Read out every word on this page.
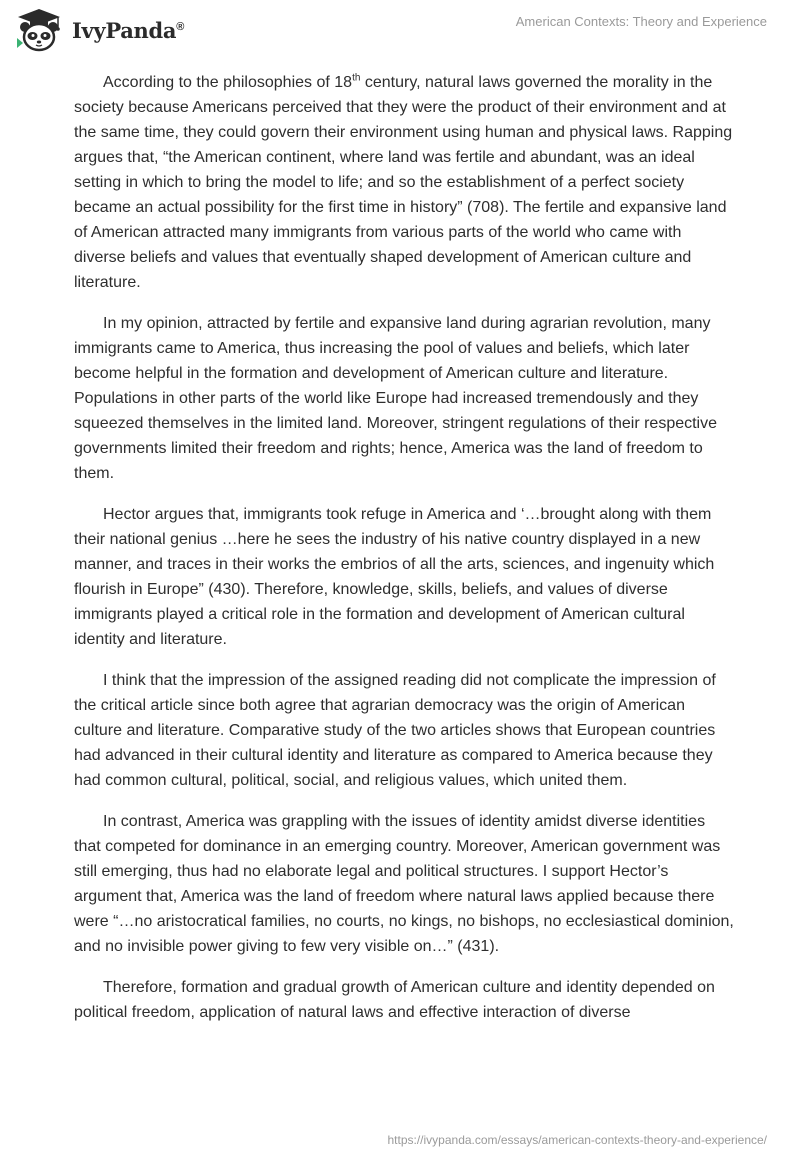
IvyPanda®	American Contexts: Theory and Experience

According to the philosophies of 18th century, natural laws governed the morality in the society because Americans perceived that they were the product of their environment and at the same time, they could govern their environment using human and physical laws. Rapping argues that, “the American continent, where land was fertile and abundant, was an ideal setting in which to bring the model to life; and so the establishment of a perfect society became an actual possibility for the first time in history” (708). The fertile and expansive land of American attracted many immigrants from various parts of the world who came with diverse beliefs and values that eventually shaped development of American culture and literature.

In my opinion, attracted by fertile and expansive land during agrarian revolution, many immigrants came to America, thus increasing the pool of values and beliefs, which later become helpful in the formation and development of American culture and literature. Populations in other parts of the world like Europe had increased tremendously and they squeezed themselves in the limited land. Moreover, stringent regulations of their respective governments limited their freedom and rights; hence, America was the land of freedom to them.

Hector argues that, immigrants took refuge in America and ‘…brought along with them their national genius …here he sees the industry of his native country displayed in a new manner, and traces in their works the embrios of all the arts, sciences, and ingenuity which flourish in Europe” (430). Therefore, knowledge, skills, beliefs, and values of diverse immigrants played a critical role in the formation and development of American cultural identity and literature.

I think that the impression of the assigned reading did not complicate the impression of the critical article since both agree that agrarian democracy was the origin of American culture and literature. Comparative study of the two articles shows that European countries had advanced in their cultural identity and literature as compared to America because they had common cultural, political, social, and religious values, which united them.

In contrast, America was grappling with the issues of identity amidst diverse identities that competed for dominance in an emerging country. Moreover, American government was still emerging, thus had no elaborate legal and political structures. I support Hector’s argument that, America was the land of freedom where natural laws applied because there were “…no aristocratical families, no courts, no kings, no bishops, no ecclesiastical dominion, and no invisible power giving to few very visible on…” (431).

Therefore, formation and gradual growth of American culture and identity depended on political freedom, application of natural laws and effective interaction of diverse

https://ivypanda.com/essays/american-contexts-theory-and-experience/
